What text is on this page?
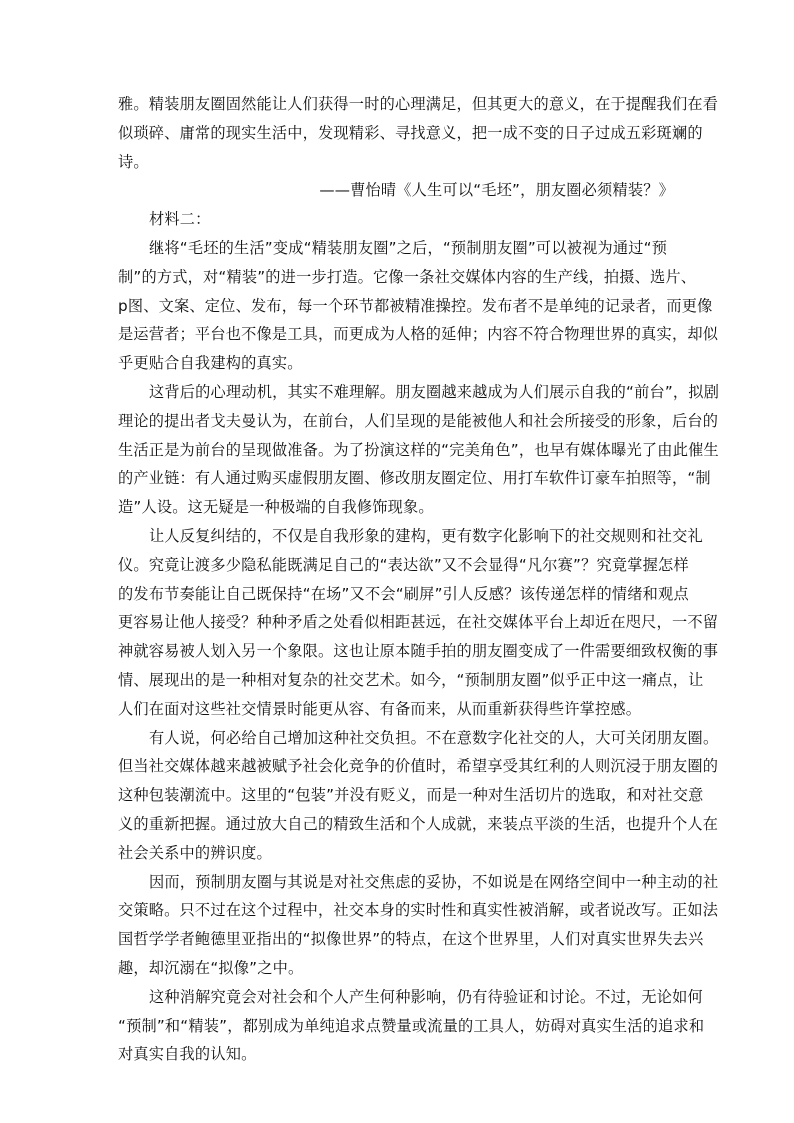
雅。精装朋友圈固然能让人们获得一时的心理满足，但其更大的意义，在于提醒我们在看
似琐碎、庸常的现实生活中，发现精彩、寻找意义，把一成不变的日子过成五彩斑斓的
诗。
——曹怡晴《人生可以“毛坯”，朋友圈必须精装？》
材料二：
继将“毛坯的生活”变成“精装朋友圈”之后，“预制朋友圈”可以被视为通过“预
制”的方式，对“精装”的进一步打造。它像一条社交媒体内容的生产线，拍摄、选片、
p图、文案、定位、发布，每一个环节都被精准操控。发布者不是单纯的记录者，而更像
是运营者；平台也不像是工具，而更成为人格的延伸；内容不符合物理世界的真实，却似
乎更贴合自我建构的真实。
这背后的心理动机，其实不难理解。朋友圈越来越成为人们展示自我的“前台”，拟剧
理论的提出者戈夫曼认为，在前台，人们呈现的是能被他人和社会所接受的形象，后台的
生活正是为前台的呈现做准备。为了扮演这样的“完美角色”，也早有媒体曝光了由此催生
的产业链：有人通过购买虚假朋友圈、修改朋友圈定位、用打车软件订豪车拍照等，“制
造”人设。这无疑是一种极端的自我修饰现象。
让人反复纠结的，不仅是自我形象的建构，更有数字化影响下的社交规则和社交礼
仪。究竟让渡多少隐私能既满足自己的“表达欲”又不会显得“凡尔赛”？究竟掌握怎样
的发布节奏能让自己既保持“在场”又不会“刷屏”引人反感？该传递怎样的情绪和观点
更容易让他人接受？种种矛盾之处看似相距甚远，在社交媒体平台上却近在咫尺，一不留
神就容易被人划入另一个象限。这也让原本随手拍的朋友圈变成了一件需要细致权衡的事
情、展现出的是一种相对复杂的社交艺术。如今，“预制朋友圈”似乎正中这一痛点，让
人们在面对这些社交情景时能更从容、有备而来，从而重新获得些许掌控感。
有人说，何必给自己增加这种社交负担。不在意数字化社交的人，大可关闭朋友圈。
但当社交媒体越来越被赋予社会化竞争的价值时，希望享受其红利的人则沉浸于朋友圈的
这种包装潮流中。这里的“包装”并没有贬义，而是一种对生活切片的选取，和对社交意
义的重新把握。通过放大自己的精致生活和个人成就，来装点平淡的生活，也提升个人在
社会关系中的辨识度。
因而，预制朋友圈与其说是对社交焦虑的妥协，不如说是在网络空间中一种主动的社
交策略。只不过在这个过程中，社交本身的实时性和真实性被消解，或者说改写。正如法
国哲学学者鲍德里亚指出的“拟像世界”的特点，在这个世界里，人们对真实世界失去兴
趣，却沉溺在“拟像”之中。
这种消解究竟会对社会和个人产生何种影响，仍有待验证和讨论。不过，无论如何
“预制”和“精装”，都别成为单纯追求点赞量或流量的工具人，妨碍对真实生活的追求和
对真实自我的认知。
